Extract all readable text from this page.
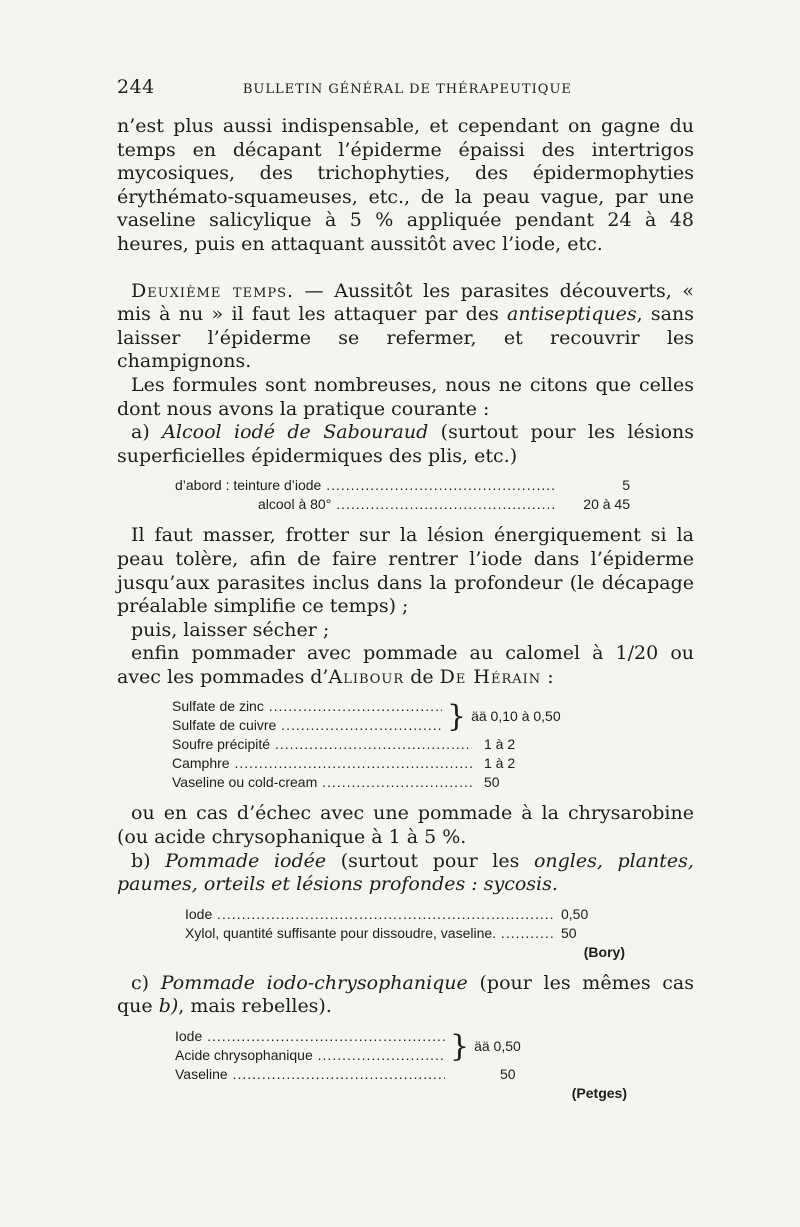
244	BULLETIN GÉNÉRAL DE THÉRAPEUTIQUE

n’est plus aussi indispensable, et cependant on gagne du temps en décapant l’épiderme épaissi des intertrigos mycosiques, des trichophyties, des épidermophyties érythémato-squameuses, etc., de la peau vague, par une vaseline salicylique à 5 % appliquée pendant 24 à 48 heures, puis en attaquant aussitôt avec l’iode, etc.

Deuxième temps. — Aussitôt les parasites découverts, « mis à nu » il faut les attaquer par des antiseptiques, sans laisser l’épiderme se refermer, et recouvrir les champignons.

Les formules sont nombreuses, nous ne citons que celles dont nous avons la pratique courante :

a) Alcool iodé de Sabouraud (surtout pour les lésions superficielles épidermiques des plis, etc.)

d’abord : teinture d’iode .....	5
alcool à 80° .....	20 à 45

Il faut masser, frotter sur la lésion énergiquement si la peau tolère, afin de faire rentrer l’iode dans l’épiderme jusqu’aux parasites inclus dans la profondeur (le décapage préalable simplifie ce temps) ;

puis, laisser sécher ;

enfin pommader avec pommade au calomel à 1/20 ou avec les pommades d’Alibour de De Hérain :

Sulfate de zinc .....
Sulfate de cuivre .....	} ää 0,10 à 0,50
Soufre précipité .....	1 à 2
Camphre .....	1 à 2
Vaseline ou cold-cream .....	50

ou en cas d’échec avec une pommade à la chrysarobine (ou acide chrysophanique à 1 à 5 %.

b) Pommade iodée (surtout pour les ongles, plantes, paumes, orteils et lésions profondes : sycosis.

Iode .....	0,50
Xylol, quantité suffisante pour dissoudre, vaseline. .....	50

(Bory)

c) Pommade iodo-chrysophanique (pour les mêmes cas que b), mais rebelles).

Iode .....
Acide chrysophanique .....	} ää 0,50
Vaseline .....	50

(Petges)
